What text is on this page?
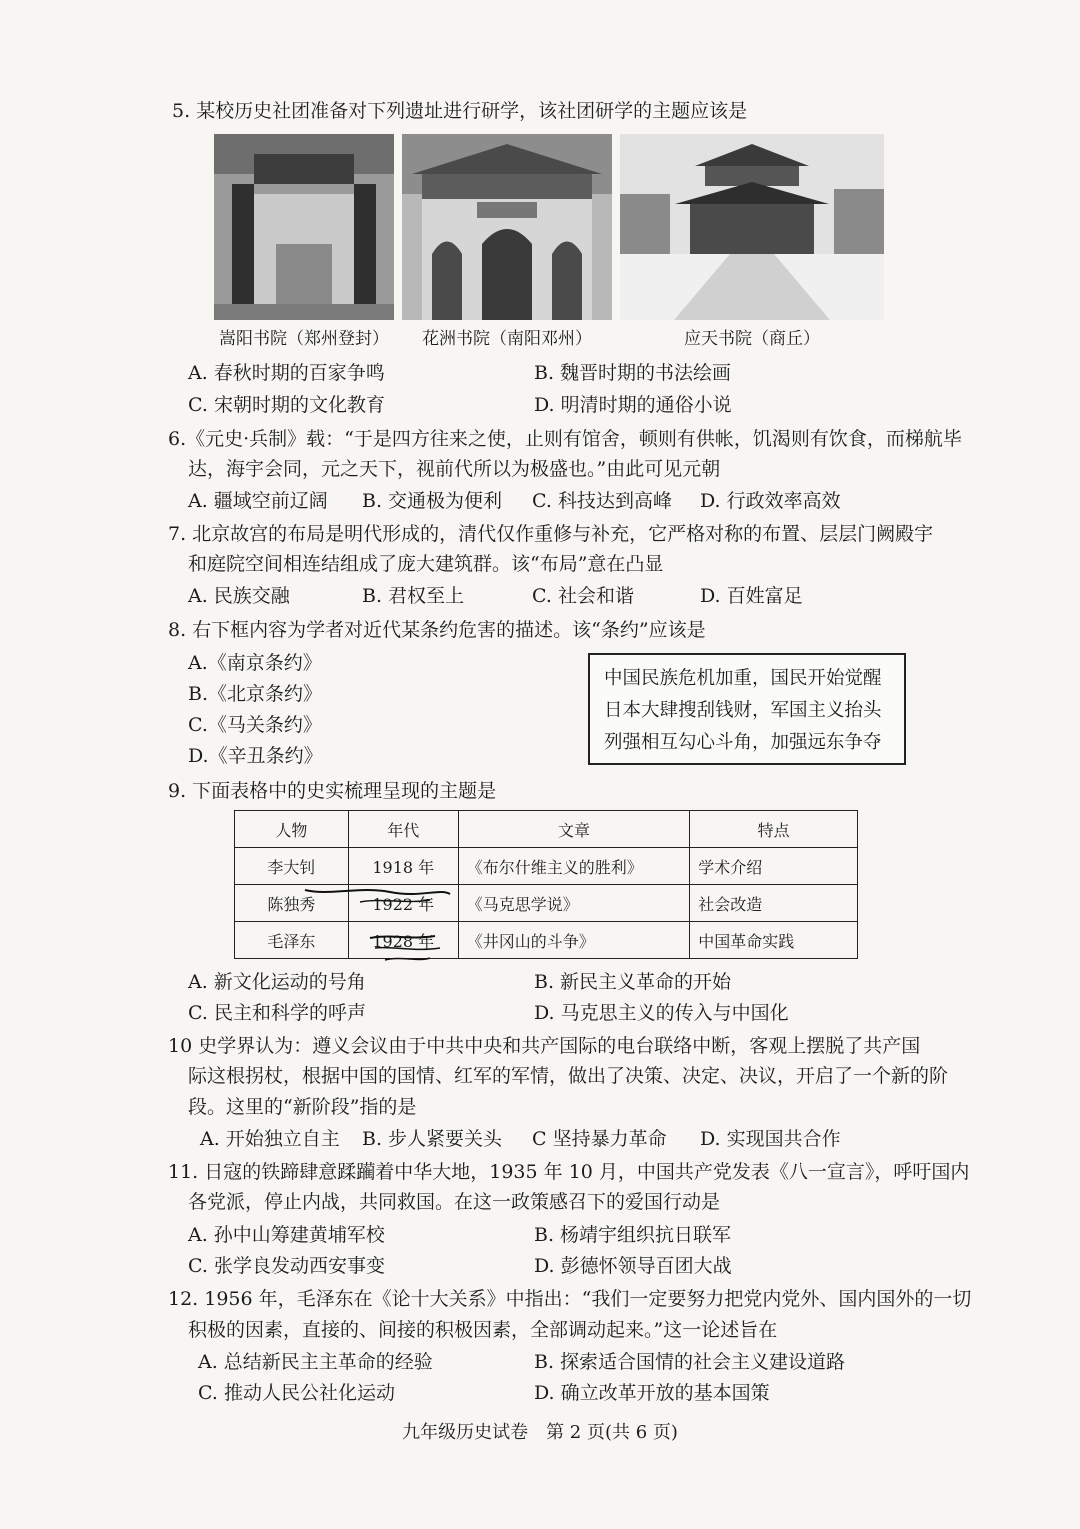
5. 某校历史社团准备对下列遗址进行研学，该社团研学的主题应该是
嵩阳书院（郑州登封）	花洲书院（南阳邓州）	应天书院（商丘）
A. 春秋时期的百家争鸣	B. 魏晋时期的书法绘画
C. 宋朝时期的文化教育	D. 明清时期的通俗小说
6.《元史·兵制》载：“于是四方往来之使，止则有馆舍，顿则有供帐，饥渴则有饮食，而梯航毕
达，海宇会同，元之天下，视前代所以为极盛也。”由此可见元朝
A. 疆域空前辽阔 B. 交通极为便利 C. 科技达到高峰 D. 行政效率高效
7. 北京故宫的布局是明代形成的，清代仅作重修与补充，它严格对称的布置、层层门阙殿宇
和庭院空间相连结组成了庞大建筑群。该“布局”意在凸显
A. 民族交融	B. 君权至上	C. 社会和谐	D. 百姓富足
8. 右下框内容为学者对近代某条约危害的描述。该“条约”应该是
A.《南京条约》
B.《北京条约》
C.《马关条约》
D.《辛丑条约》
中国民族危机加重，国民开始觉醒
日本大肆搜刮钱财，军国主义抬头
列强相互勾心斗角，加强远东争夺
9. 下面表格中的史实梳理呈现的主题是
人物	年代	文章	特点
李大钊	1918 年	《布尔什维主义的胜利》	学术介绍
陈独秀	1922 年	《马克思学说》	社会改造
毛泽东	1928 年	《井冈山的斗争》	中国革命实践
A. 新文化运动的号角	B. 新民主义革命的开始
C. 民主和科学的呼声	D. 马克思主义的传入与中国化
10 史学界认为：遵义会议由于中共中央和共产国际的电台联络中断，客观上摆脱了共产国
际这根拐杖，根据中国的国情、红军的军情，做出了决策、决定、决议，开启了一个新的阶
段。这里的“新阶段”指的是
A. 开始独立自主 B. 步人紧要关头 C 坚持暴力革命 D. 实现国共合作
11. 日寇的铁蹄肆意蹂躏着中华大地，1935 年 10 月，中国共产党发表《八一宣言》，呼吁国内
各党派，停止内战，共同救国。在这一政策感召下的爱国行动是
A. 孙中山筹建黄埔军校	B. 杨靖宇组织抗日联军
C. 张学良发动西安事变	D. 彭德怀领导百团大战
12. 1956 年，毛泽东在《论十大关系》中指出：“我们一定要努力把党内党外、国内国外的一切
积极的因素，直接的、间接的积极因素，全部调动起来。”这一论述旨在
A. 总结新民主主革命的经验	B. 探索适合国情的社会主义建设道路
C. 推动人民公社化运动	D. 确立改革开放的基本国策
九年级历史试卷　第 2 页(共 6 页)
